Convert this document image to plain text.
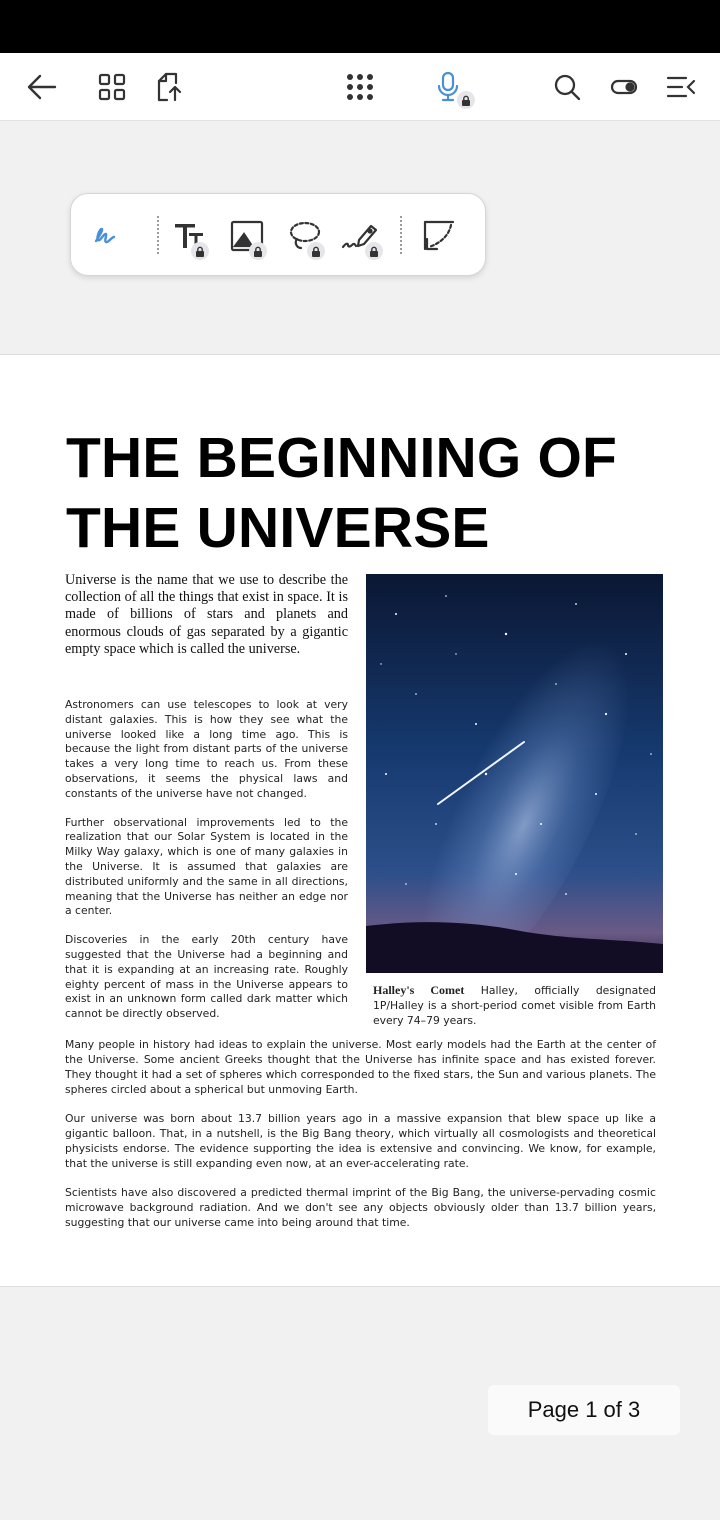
THE BEGINNING OF
THE UNIVERSE
Universe is the name that we use to describe the collection of all the things that exist in space. It is made of billions of stars and planets and enormous clouds of gas separated by a gigantic empty space which is called the universe.

Astronomers can use telescopes to look at very distant galaxies. This is how they see what the universe looked like a long time ago. This is because the light from distant parts of the universe takes a very long time to reach us. From these observations, it seems the physical laws and constants of the universe have not changed.

Further observational improvements led to the realization that our Solar System is located in the Milky Way galaxy, which is one of many galaxies in the Universe. It is assumed that galaxies are distributed uniformly and the same in all directions, meaning that the Universe has neither an edge nor a center.

Discoveries in the early 20th century have suggested that the Universe had a beginning and that it is expanding at an increasing rate. Roughly eighty percent of mass in the Universe appears to exist in an unknown form called dark matter which cannot be directly observed.

Halley's Comet Halley, officially designated 1P/Halley is a short-period comet visible from Earth every 74–79 years.

Many people in history had ideas to explain the universe. Most early models had the Earth at the center of the Universe. Some ancient Greeks thought that the Universe has infinite space and has existed forever. They thought it had a set of spheres which corresponded to the fixed stars, the Sun and various planets. The spheres circled about a spherical but unmoving Earth.

Our universe was born about 13.7 billion years ago in a massive expansion that blew space up like a gigantic balloon. That, in a nutshell, is the Big Bang theory, which virtually all cosmologists and theoretical physicists endorse. The evidence supporting the idea is extensive and convincing. We know, for example, that the universe is still expanding even now, at an ever-accelerating rate.

Scientists have also discovered a predicted thermal imprint of the Big Bang, the universe-pervading cosmic microwave background radiation. And we don't see any objects obviously older than 13.7 billion years, suggesting that our universe came into being around that time.

Page 1 of 3
